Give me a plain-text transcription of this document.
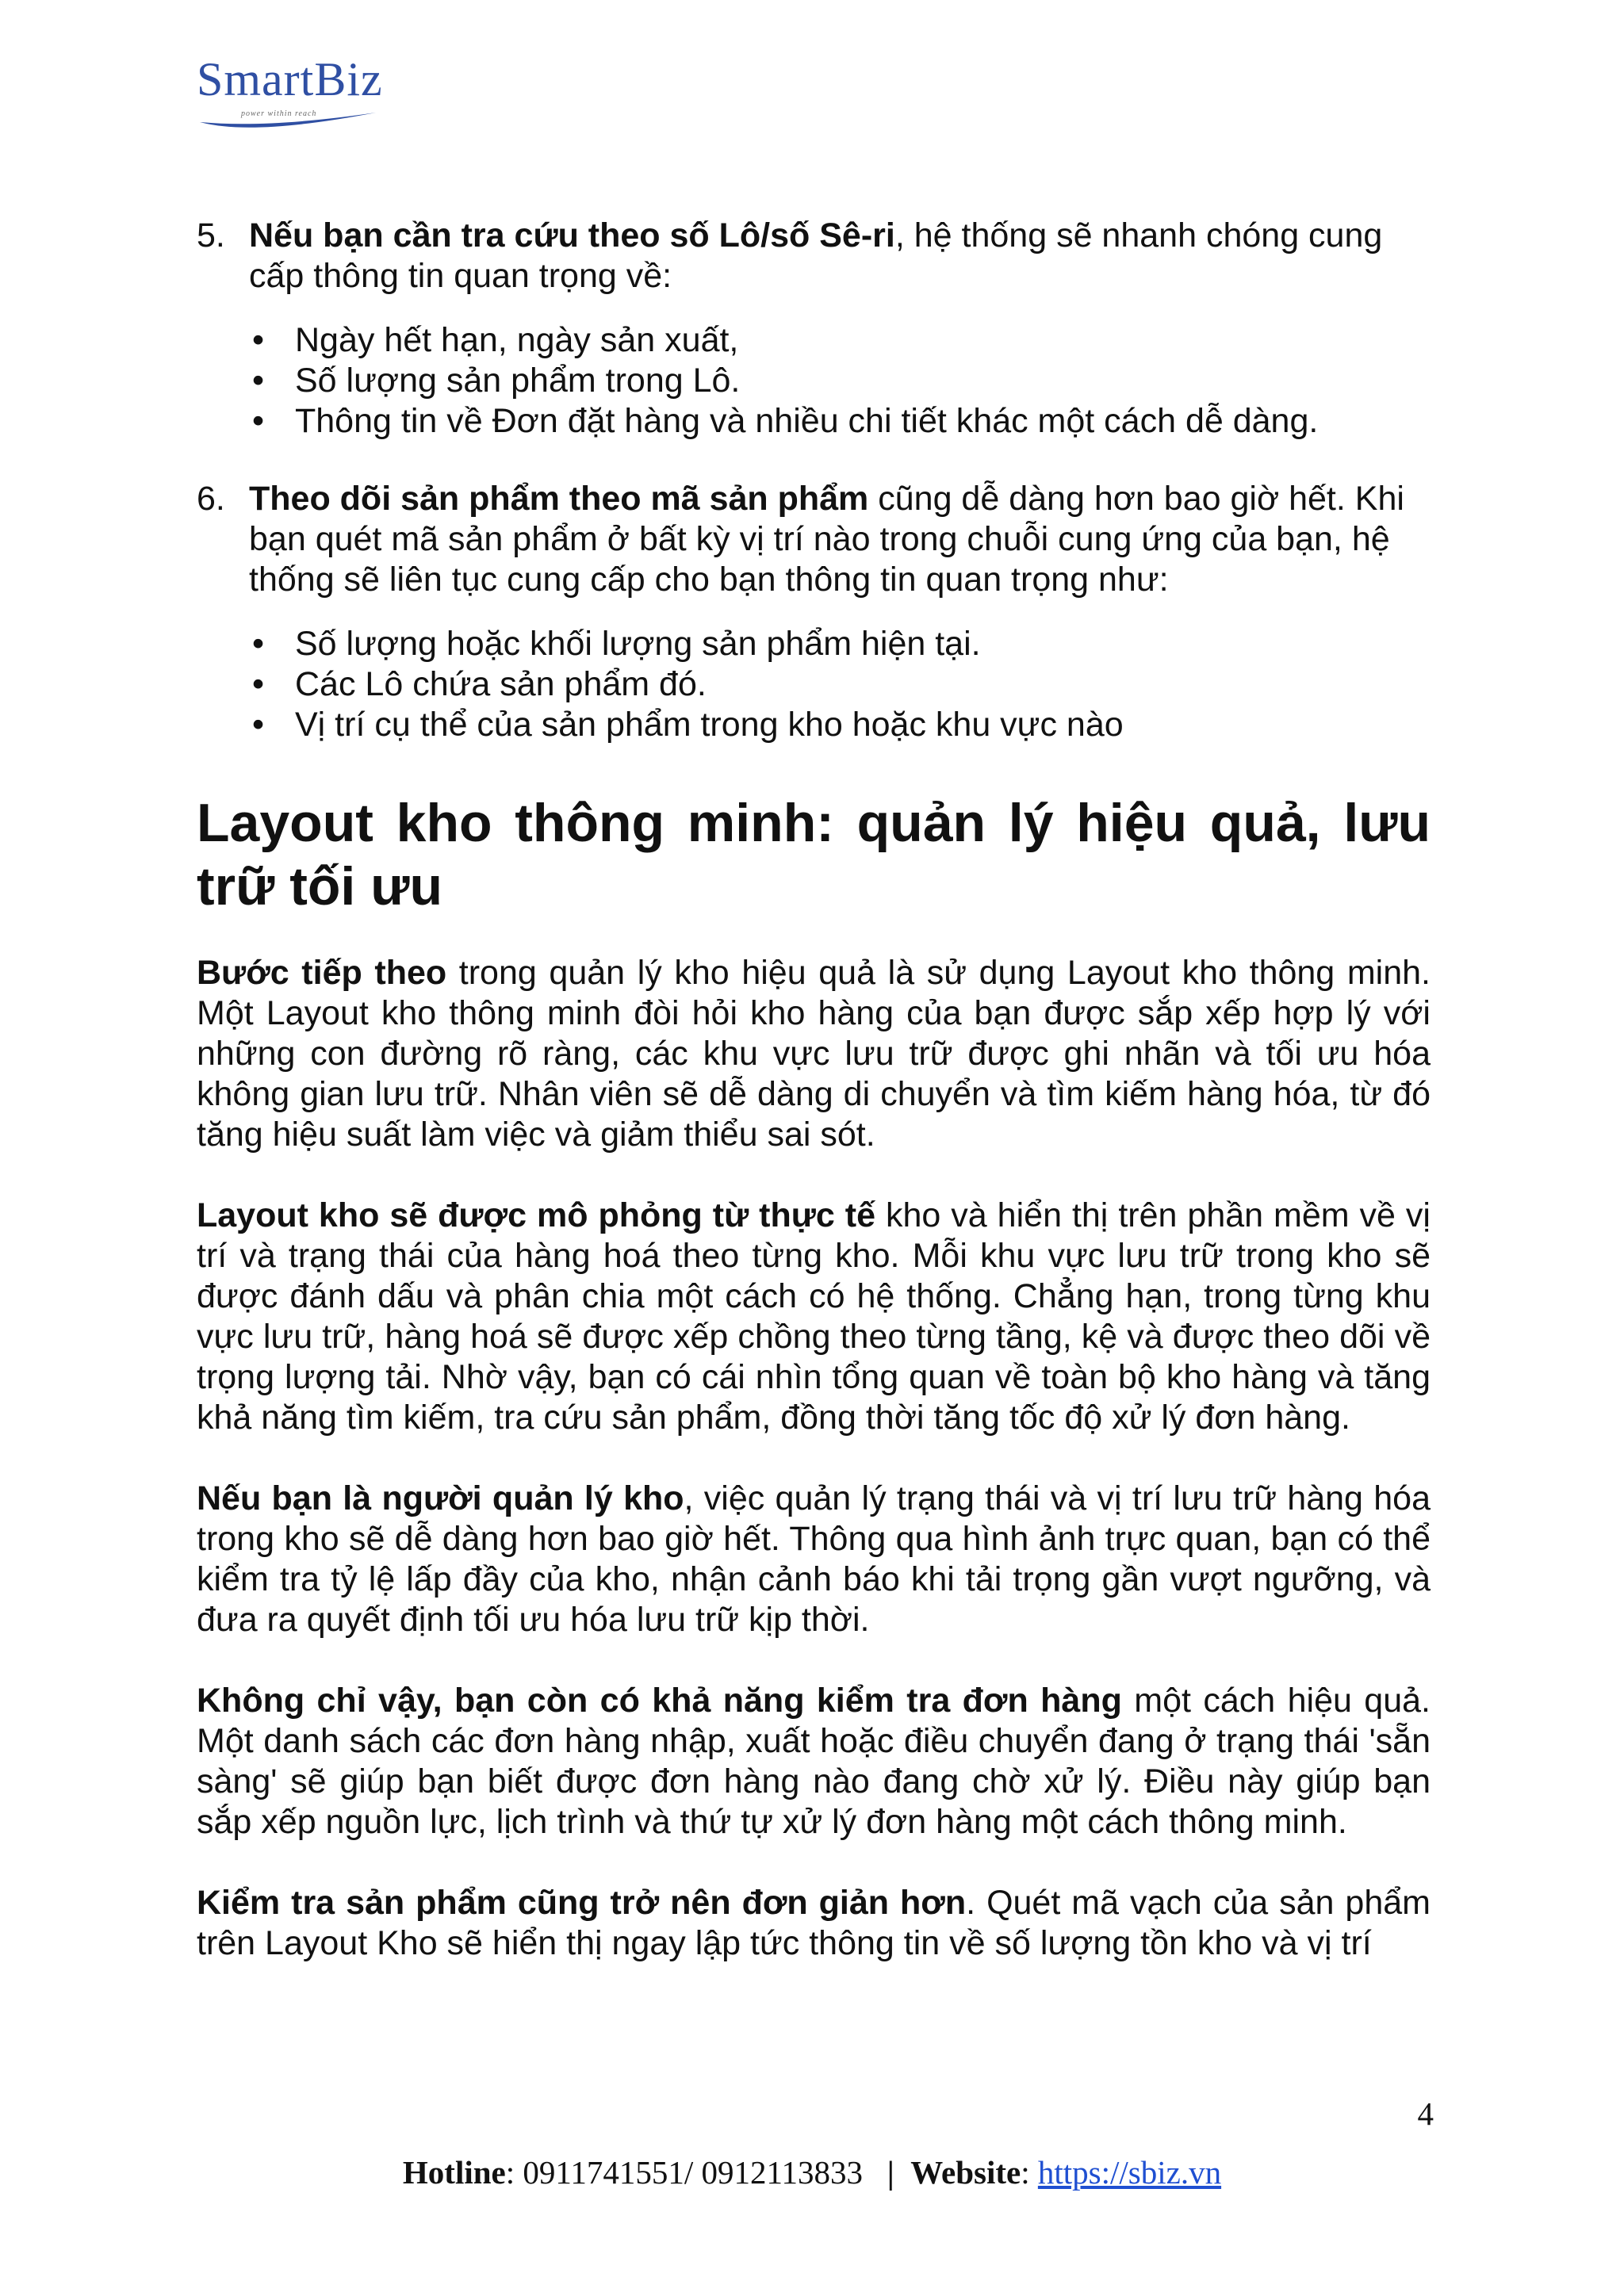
SmartBiz
power within reach
5. Nếu bạn cần tra cứu theo số Lô/số Sê-ri, hệ thống sẽ nhanh chóng cung cấp thông tin quan trọng về:
• Ngày hết hạn, ngày sản xuất,
• Số lượng sản phẩm trong Lô.
• Thông tin về Đơn đặt hàng và nhiều chi tiết khác một cách dễ dàng.
6. Theo dõi sản phẩm theo mã sản phẩm cũng dễ dàng hơn bao giờ hết. Khi bạn quét mã sản phẩm ở bất kỳ vị trí nào trong chuỗi cung ứng của bạn, hệ thống sẽ liên tục cung cấp cho bạn thông tin quan trọng như:
• Số lượng hoặc khối lượng sản phẩm hiện tại.
• Các Lô chứa sản phẩm đó.
• Vị trí cụ thể của sản phẩm trong kho hoặc khu vực nào
Layout kho thông minh: quản lý hiệu quả, lưu trữ tối ưu

Bước tiếp theo trong quản lý kho hiệu quả là sử dụng Layout kho thông minh. Một Layout kho thông minh đòi hỏi kho hàng của bạn được sắp xếp hợp lý với những con đường rõ ràng, các khu vực lưu trữ được ghi nhãn và tối ưu hóa không gian lưu trữ. Nhân viên sẽ dễ dàng di chuyển và tìm kiếm hàng hóa, từ đó tăng hiệu suất làm việc và giảm thiểu sai sót.

Layout kho sẽ được mô phỏng từ thực tế kho và hiển thị trên phần mềm về vị trí và trạng thái của hàng hoá theo từng kho. Mỗi khu vực lưu trữ trong kho sẽ được đánh dấu và phân chia một cách có hệ thống. Chẳng hạn, trong từng khu vực lưu trữ, hàng hoá sẽ được xếp chồng theo từng tầng, kệ và được theo dõi về trọng lượng tải. Nhờ vậy, bạn có cái nhìn tổng quan về toàn bộ kho hàng và tăng khả năng tìm kiếm, tra cứu sản phẩm, đồng thời tăng tốc độ xử lý đơn hàng.

Nếu bạn là người quản lý kho, việc quản lý trạng thái và vị trí lưu trữ hàng hóa trong kho sẽ dễ dàng hơn bao giờ hết. Thông qua hình ảnh trực quan, bạn có thể kiểm tra tỷ lệ lấp đầy của kho, nhận cảnh báo khi tải trọng gần vượt ngưỡng, và đưa ra quyết định tối ưu hóa lưu trữ kịp thời.

Không chỉ vậy, bạn còn có khả năng kiểm tra đơn hàng một cách hiệu quả. Một danh sách các đơn hàng nhập, xuất hoặc điều chuyển đang ở trạng thái 'sẵn sàng' sẽ giúp bạn biết được đơn hàng nào đang chờ xử lý. Điều này giúp bạn sắp xếp nguồn lực, lịch trình và thứ tự xử lý đơn hàng một cách thông minh.

Kiểm tra sản phẩm cũng trở nên đơn giản hơn. Quét mã vạch của sản phẩm trên Layout Kho sẽ hiển thị ngay lập tức thông tin về số lượng tồn kho và vị trí

4
Hotline: 0911741551/ 0912113833 | Website: https://sbiz.vn
